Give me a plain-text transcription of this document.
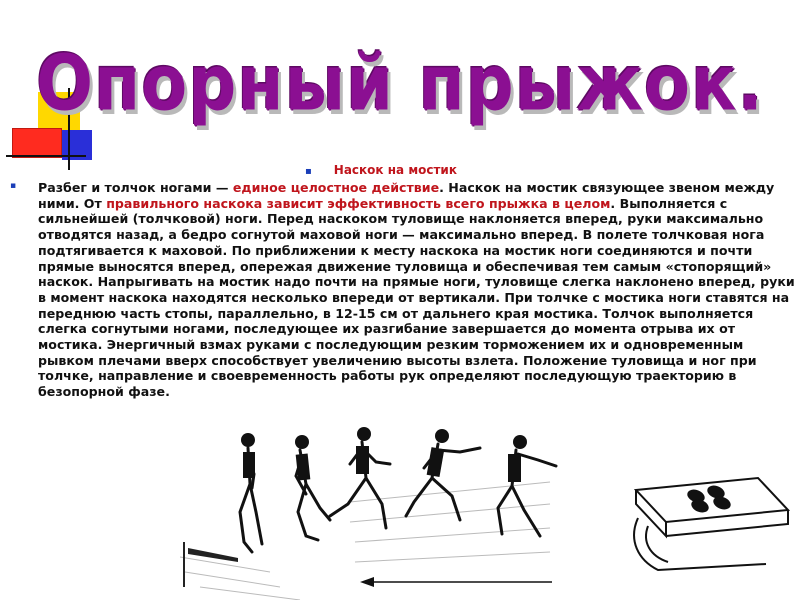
Опорный прыжок.
▪ Наскок на мостик
▪ Разбег и толчок ногами — единое целостное действие. Наскок на мостик связующее звеном между ними. От правильного наскока зависит эффективность всего прыжка в целом. Выполняется с сильнейшей (толчковой) ноги. Перед наскоком туловище наклоняется вперед, руки максимально отводятся назад, а бедро согнутой маховой ноги — максимально вперед. В полете толчковая нога подтягивается к маховой. По приближении к месту наскока на мостик ноги соединяются и почти прямые выносятся вперед, опережая движение туловища и обеспечивая тем самым «стопорящий» наскок. Напрыгивать на мостик надо почти на прямые ноги, туловище слегка наклонено вперед, руки в момент наскока находятся несколько впереди от вертикали. При толчке с мостика ноги ставятся на переднюю часть стопы, параллельно, в 12-15 см от дальнего края мостика. Толчок выполняется слегка согнутыми ногами, последующее их разгибание завершается до момента отрыва их от мостика. Энергичный взмах руками с последующим резким торможением их и одновременным рывком плечами вверх способствует увеличению высоты взлета. Положение туловища и ног при толчке, направление и своевременность работы рук определяют последующую траекторию в безопорной фазе.
